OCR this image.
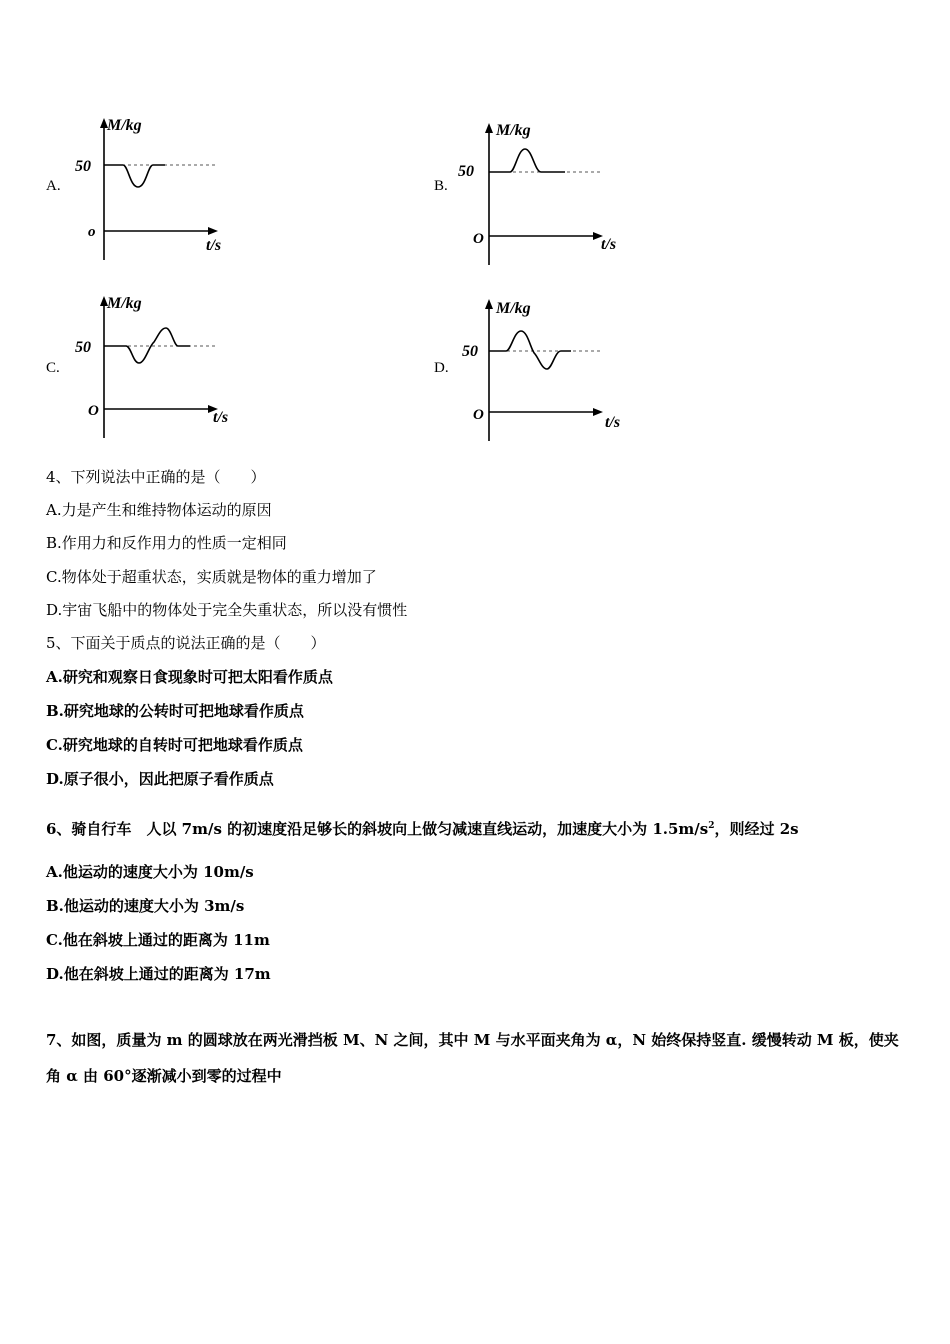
A.	B.
C.	D.
M/kg
50
o
t/s
M/kg
50
O	t/s
M/kg
50
O	t/s
M/kg
50
O	t/s
4、下列说法中正确的是（　　）
A.力是产生和维持物体运动的原因
B.作用力和反作用力的性质一定相同
C.物体处于超重状态，实质就是物体的重力增加了
D.宇宙飞船中的物体处于完全失重状态，所以没有惯性
5、下面关于质点的说法正确的是（　　）
A.研究和观察日食现象时可把太阳看作质点
B.研究地球的公转时可把地球看作质点
C.研究地球的自转时可把地球看作质点
D.原子很小，因此把原子看作质点
6、骑自行车　人以 7m/s 的初速度沿足够长的斜坡向上做匀减速直线运动，加速度大小为 $1.5m/s^2$，则经过 2s
A.他运动的速度大小为 10m/s
B.他运动的速度大小为 3m/s
C.他在斜坡上通过的距离为 11m
D.他在斜坡上通过的距离为 17m
7、如图，质量为 m 的圆球放在两光滑挡板 M、N 之间，其中 M 与水平面夹角为 α，N 始终保持竖直. 缓慢转动 M 板，使夹角 α 由 60°逐渐减小到零的过程中
